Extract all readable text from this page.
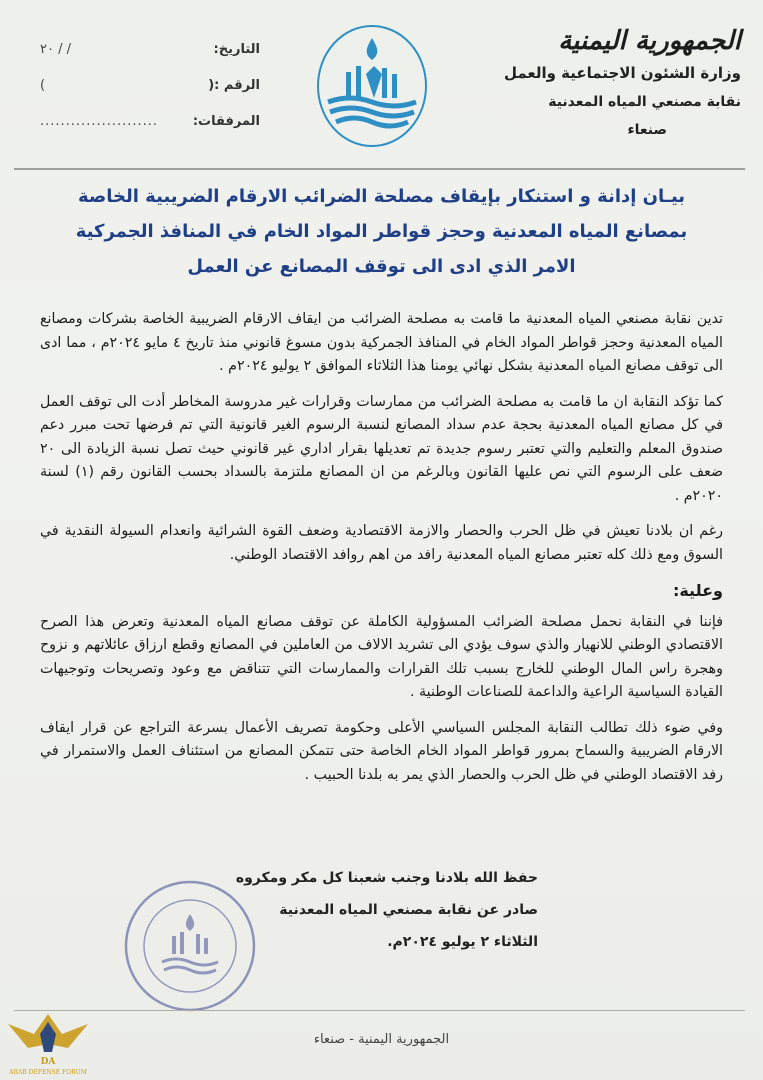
الجمهورية اليمنية
وزارة الشئون الاجتماعية والعمل
نقابة مصنعي المياه المعدنية
صنعاء
التاريخ:
/ / ٢٠
الرقم :(
)
المرفقات:
.......................
بيـان إدانة و استنكار بإيقاف مصلحة الضرائب الارقام الضريبية الخاصة
بمصانع المياه المعدنية وحجز قواطر المواد الخام في المنافذ الجمركية
الامر الذي ادى الى توقف المصانع عن العمل

تدين نقابة مصنعي المياه المعدنية ما قامت به مصلحة الضرائب من ايقاف الارقام الضريبية الخاصة بشركات ومصانع المياه المعدنية وحجز قواطر المواد الخام في المنافذ الجمركية بدون مسوغ قانوني منذ تاريخ ٤ مايو ٢٠٢٤م ، مما ادى الى توقف مصانع المياه المعدنية بشكل نهائي يومنا هذا الثلاثاء الموافق ٢ يوليو ٢٠٢٤م .

كما تؤكد النقابة ان ما قامت به مصلحة الضرائب من ممارسات وقرارات غير مدروسة المخاطر أدت الى توقف العمل في كل مصانع المياه المعدنية بحجة عدم سداد المصانع لنسبة الرسوم الغير قانونية التي تم فرضها تحت مبرر دعم صندوق المعلم والتعليم والتي تعتبر رسوم جديدة تم تعديلها بقرار اداري غير قانوني حيث تصل نسبة الزيادة الى ٢٠ ضعف على الرسوم التي نص عليها القانون وبالرغم من ان المصانع ملتزمة بالسداد بحسب القانون رقم (١) لسنة ٢٠٢٠م .

رغم ان بلادنا تعيش في ظل الحرب والحصار والازمة الاقتصادية وضعف القوة الشرائية وانعدام السيولة النقدية في السوق ومع ذلك كله تعتبر مصانع المياه المعدنية رافد من اهم روافد الاقتصاد الوطني.

وعلية:

فإننا في النقابة نحمل مصلحة الضرائب المسؤولية الكاملة عن توقف مصانع المياه المعدنية وتعرض هذا الصرح الاقتصادي الوطني للانهيار والذي سوف يؤدي الى تشريد الالاف من العاملين في المصانع وقطع ارزاق عائلاتهم و نزوح وهجرة راس المال الوطني للخارج بسبب تلك القرارات والممارسات التي تتناقض مع وعود وتصريحات وتوجيهات القيادة السياسية الراعية والداعمة للصناعات الوطنية .

وفي ضوء ذلك تطالب النقابة المجلس السياسي الأعلى وحكومة تصريف الأعمال بسرعة التراجع عن قرار ايقاف الارقام الضريبية والسماح بمرور قواطر المواد الخام الخاصة حتى تتمكن المصانع من استئناف العمل والاستمرار في رفد الاقتصاد الوطني في ظل الحرب والحصار الذي يمر به بلدنا الحبيب .

حفظ الله بلادنا وجنب شعبنا كل مكر ومكروه
صادر عن نقابة مصنعي المياه المعدنية
الثلاثاء ٢ يوليو ٢٠٢٤م.
الجمهورية اليمنية - صنعاء
DA
ARAB DEFENSE FORUM
